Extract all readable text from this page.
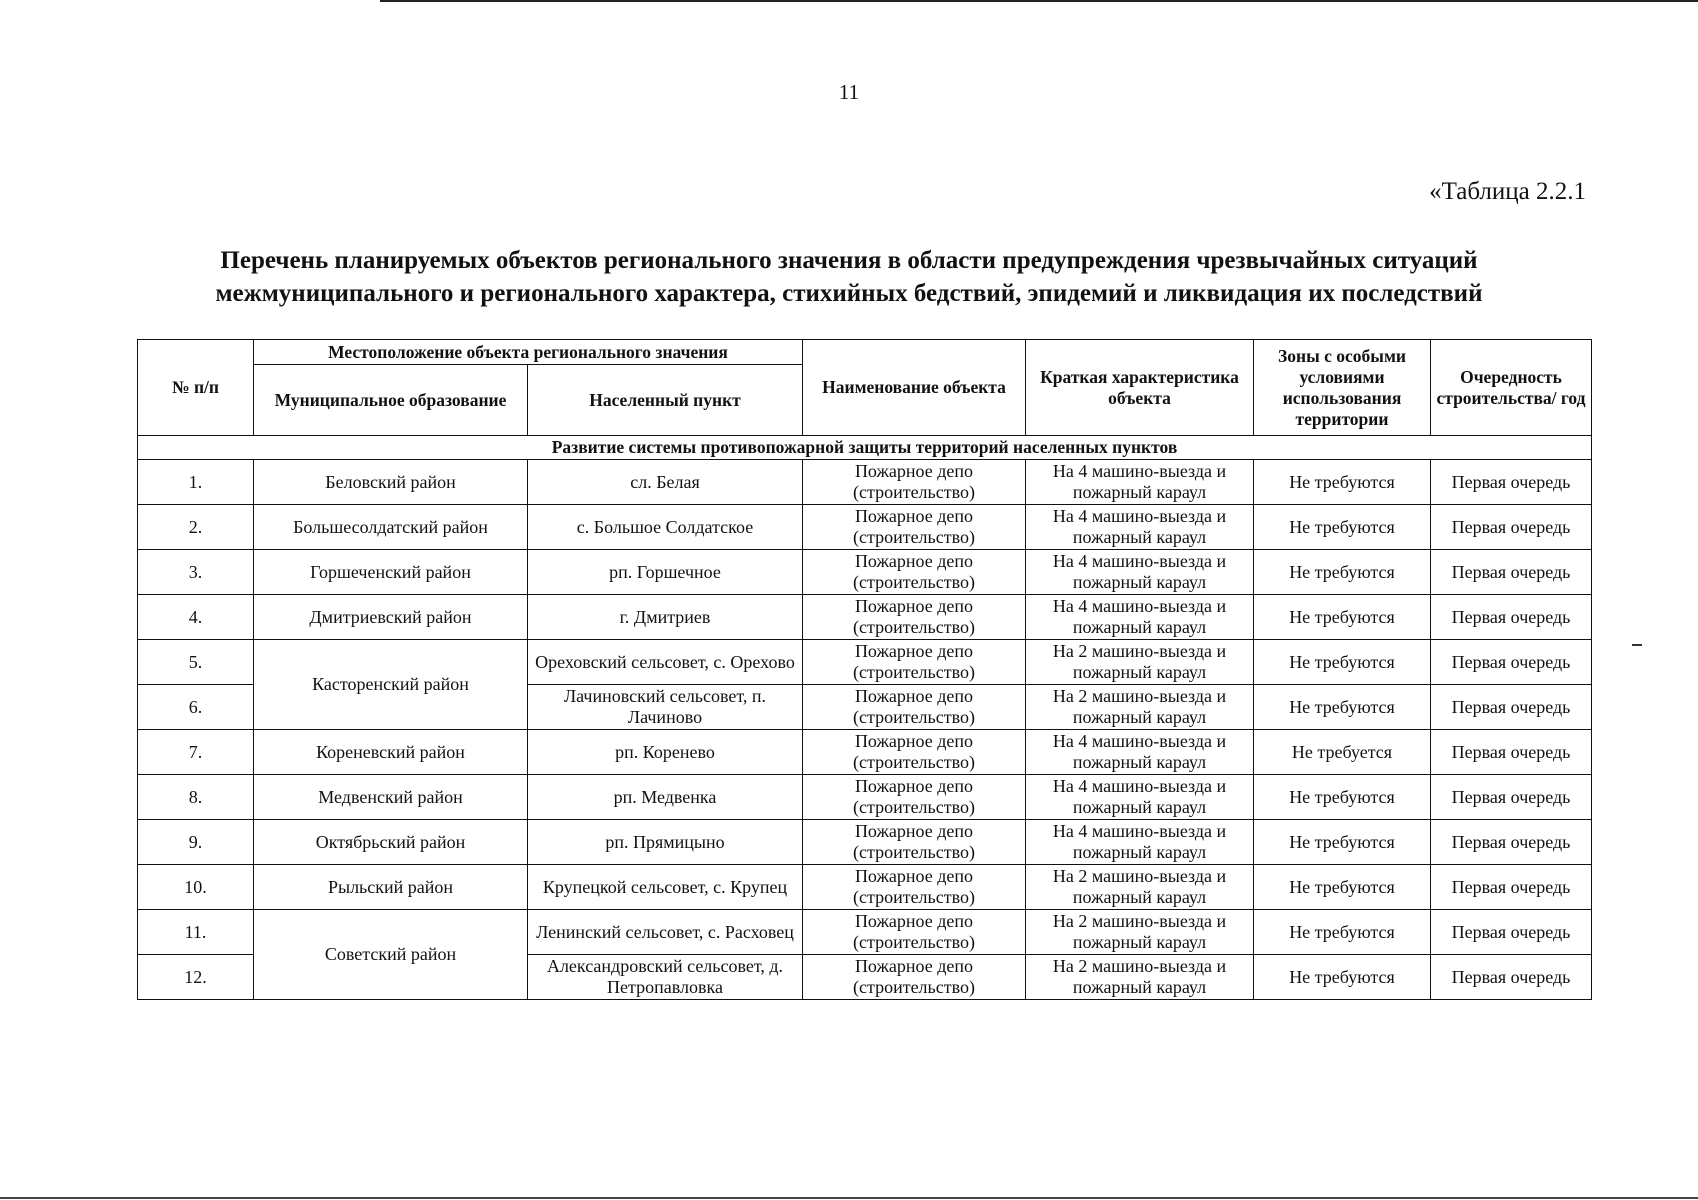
11
«Таблица 2.2.1
Перечень планируемых объектов регионального значения в области предупреждения чрезвычайных ситуаций
межмуниципального и регионального характера, стихийных бедствий, эпидемий и ликвидация их последствий
№ п/п	Местоположение объекта регионального значения		Наименование объекта	Краткая характеристика объекта	Зоны с особыми условиями использования территории	Очередность строительства/ год
	Муниципальное образование	Населенный пункт				
Развитие системы противопожарной защиты территорий населенных пунктов						
1.	Беловский район	сл. Белая	Пожарное депо (строительство)	На 4 машино-выезда и пожарный караул	Не требуются	Первая очередь
2.	Большесолдатский район	с. Большое Солдатское	Пожарное депо (строительство)	На 4 машино-выезда и пожарный караул	Не требуются	Первая очередь
3.	Горшеченский район	рп. Горшечное	Пожарное депо (строительство)	На 4 машино-выезда и пожарный караул	Не требуются	Первая очередь
4.	Дмитриевский район	г. Дмитриев	Пожарное депо (строительство)	На 4 машино-выезда и пожарный караул	Не требуются	Первая очередь
5.	Касторенский район	Ореховский сельсовет, с. Орехово	Пожарное депо (строительство)	На 2 машино-выезда и пожарный караул	Не требуются	Первая очередь
6.		Лачиновский сельсовет, п. Лачиново	Пожарное депо (строительство)	На 2 машино-выезда и пожарный караул	Не требуются	Первая очередь
7.	Кореневский район	рп. Коренево	Пожарное депо (строительство)	На 4 машино-выезда и пожарный караул	Не требуется	Первая очередь
8.	Медвенский район	рп. Медвенка	Пожарное депо (строительство)	На 4 машино-выезда и пожарный караул	Не требуются	Первая очередь
9.	Октябрьский район	рп. Прямицыно	Пожарное депо (строительство)	На 4 машино-выезда и пожарный караул	Не требуются	Первая очередь
10.	Рыльский район	Крупецкой сельсовет, с. Крупец	Пожарное депо (строительство)	На 2 машино-выезда и пожарный караул	Не требуются	Первая очередь
11.	Советский район	Ленинский сельсовет, с. Расховец	Пожарное депо (строительство)	На 2 машино-выезда и пожарный караул	Не требуются	Первая очередь
12.		Александровский сельсовет, д. Петропавловка	Пожарное депо (строительство)	На 2 машино-выезда и пожарный караул	Не требуются	Первая очередь
